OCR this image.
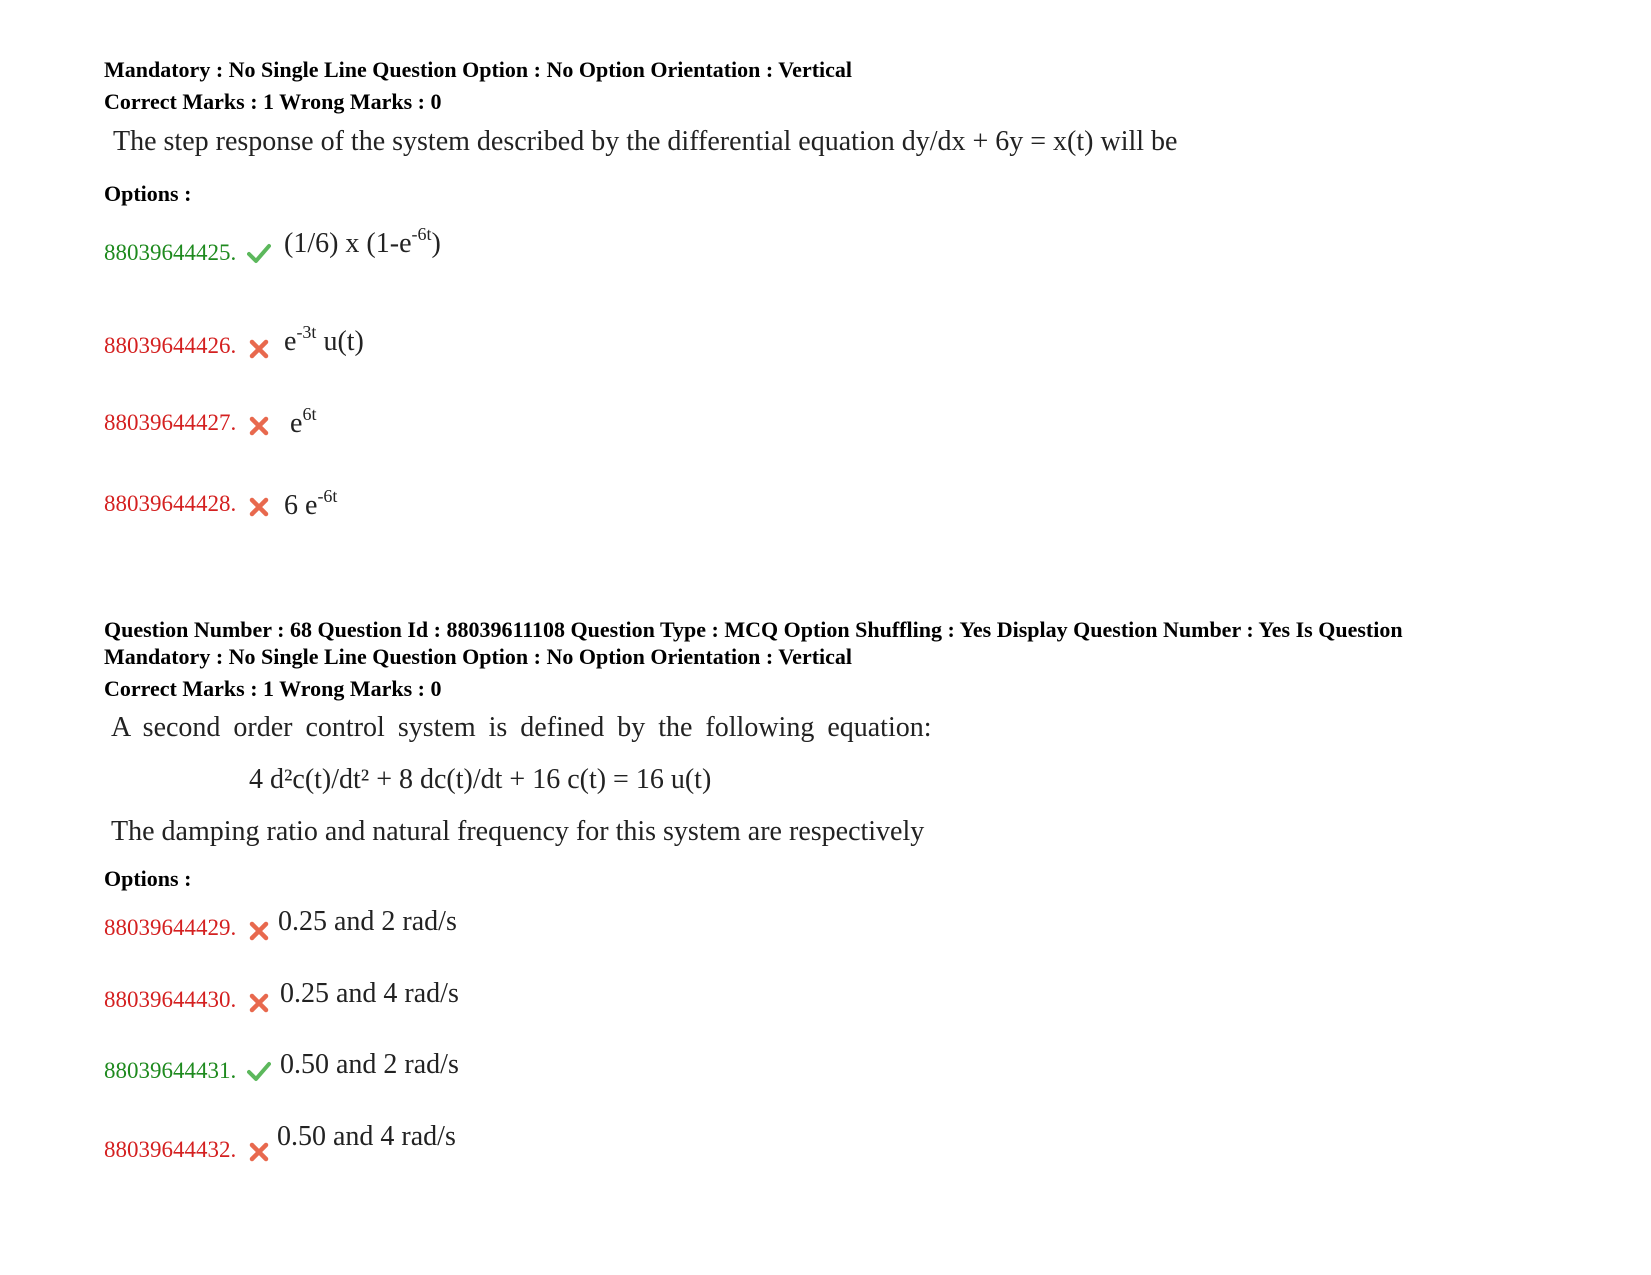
Mandatory : No Single Line Question Option : No Option Orientation : Vertical
Correct Marks : 1 Wrong Marks : 0
The step response of the system described by the differential equation dy/dx + 6y = x(t) will be
Options :
88039644425. (1/6) x $(1-e^{-6t})$
88039644426. $e^{-3t}$ u(t)
88039644427. $e^{6t}$
88039644428. 6 $e^{-6t}$
Question Number : 68 Question Id : 88039611108 Question Type : MCQ Option Shuffling : Yes Display Question Number : Yes Is Question
Mandatory : No Single Line Question Option : No Option Orientation : Vertical
Correct Marks : 1 Wrong Marks : 0
A second order control system is defined by the following equation:
4 d²c(t)/dt² + 8 dc(t)/dt + 16 c(t) = 16 u(t)
The damping ratio and natural frequency for this system are respectively
Options :
88039644429. 0.25 and 2 rad/s
88039644430. 0.25 and 4 rad/s
88039644431. 0.50 and 2 rad/s
88039644432. 0.50 and 4 rad/s
